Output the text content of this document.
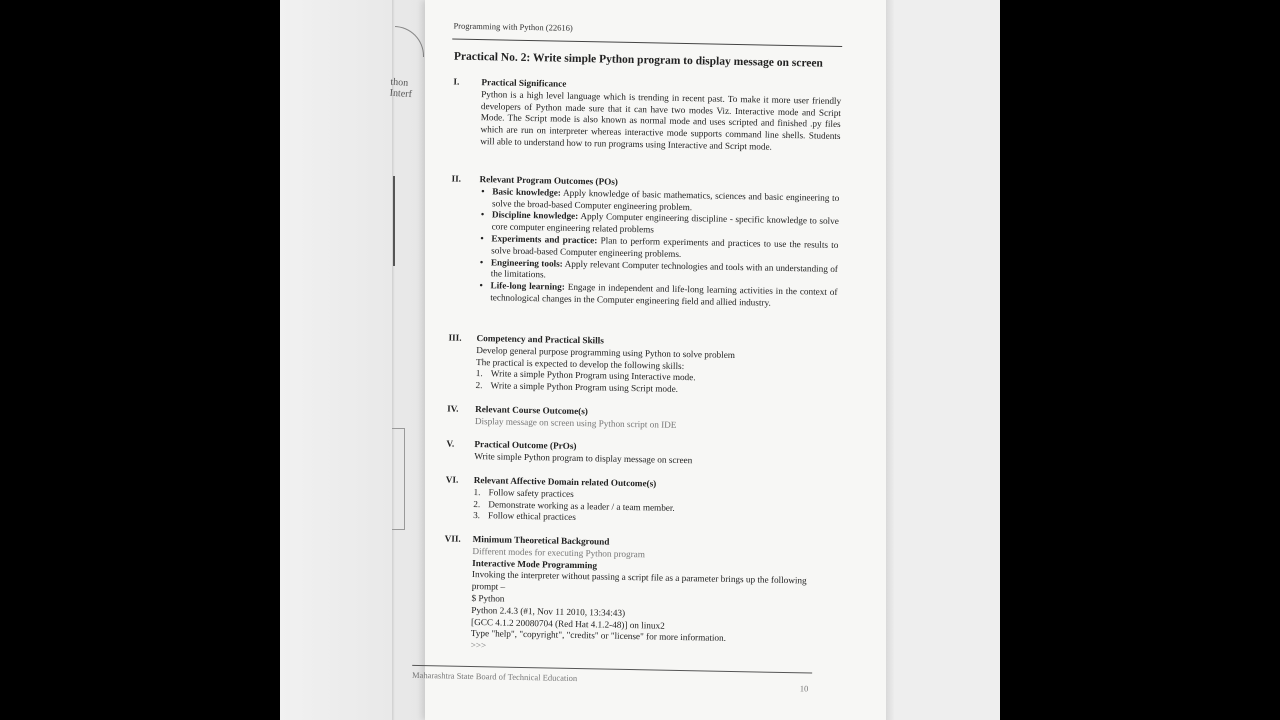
thon Interf
Programming with Python (22616)
Practical No. 2: Write simple Python program to display message on screen
I. Practical Significance
Python is a high level language which is trending in recent past. To make it more user friendly developers of Python made sure that it can have two modes Viz. Interactive mode and Script Mode. The Script mode is also known as normal mode and uses scripted and finished .py files which are run on interpreter whereas interactive mode supports command line shells. Students will able to understand how to run programs using Interactive and Script mode.
II. Relevant Program Outcomes (POs)
• Basic knowledge: Apply knowledge of basic mathematics, sciences and basic engineering to solve the broad-based Computer engineering problem.
• Discipline knowledge: Apply Computer engineering discipline - specific knowledge to solve core computer engineering related problems
• Experiments and practice: Plan to perform experiments and practices to use the results to solve broad-based Computer engineering problems.
• Engineering tools: Apply relevant Computer technologies and tools with an understanding of the limitations.
• Life-long learning: Engage in independent and life-long learning activities in the context of technological changes in the Computer engineering field and allied industry.
III. Competency and Practical Skills
Develop general purpose programming using Python to solve problem
The practical is expected to develop the following skills:
1. Write a simple Python Program using Interactive mode.
2. Write a simple Python Program using Script mode.
IV. Relevant Course Outcome(s)
Display message on screen using Python script on IDE
V. Practical Outcome (PrOs)
Write simple Python program to display message on screen
VI. Relevant Affective Domain related Outcome(s)
1. Follow safety practices
2. Demonstrate working as a leader / a team member.
3. Follow ethical practices
VII. Minimum Theoretical Background
Different modes for executing Python program
Interactive Mode Programming
Invoking the interpreter without passing a script file as a parameter brings up the following prompt –
$ Python
Python 2.4.3 (#1, Nov 11 2010, 13:34:43)
[GCC 4.1.2 20080704 (Red Hat 4.1.2-48)] on linux2
Type "help", "copyright", "credits" or "license" for more information.
>>>
Maharashtra State Board of Technical Education
10
